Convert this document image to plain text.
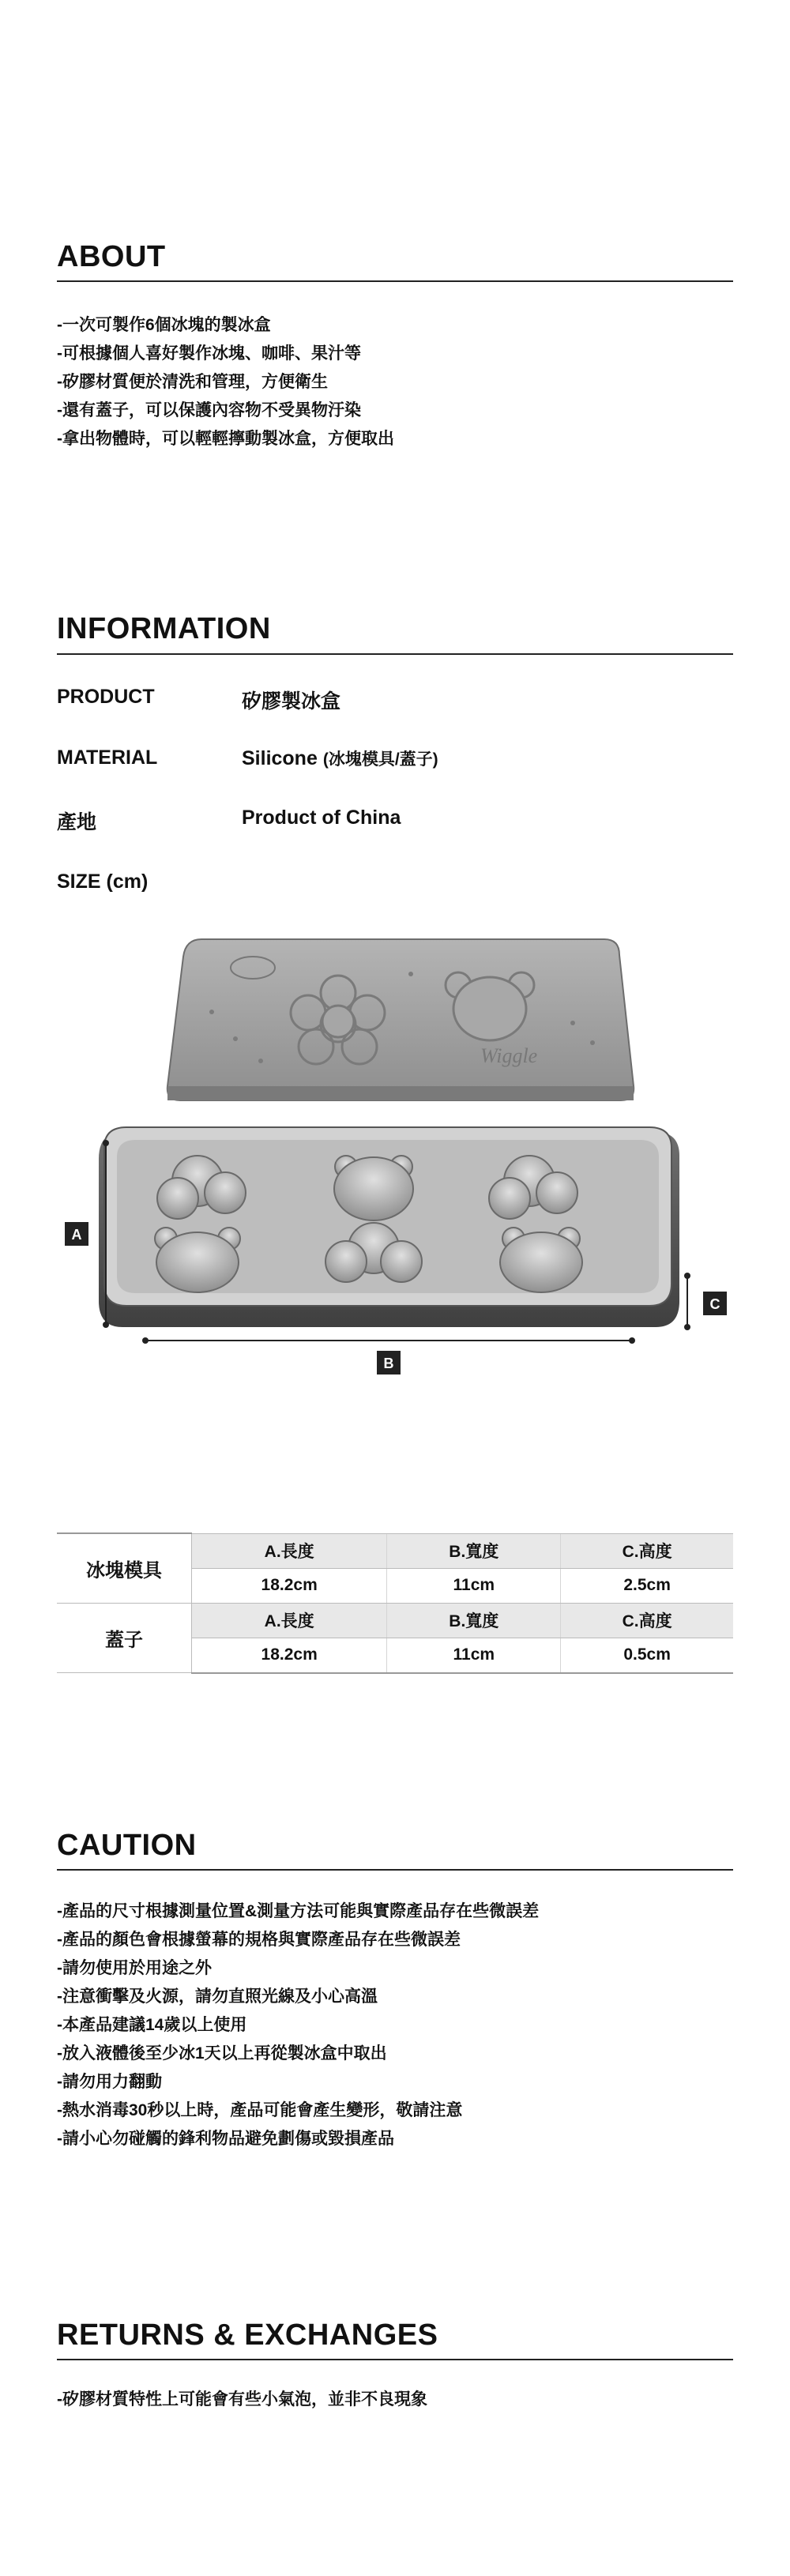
ABOUT
-一次可製作6個冰塊的製冰盒
-可根據個人喜好製作冰塊、咖啡、果汁等
-矽膠材質便於清洗和管理，方便衛生
-還有蓋子，可以保護內容物不受異物汙染
-拿出物體時，可以輕輕擰動製冰盒，方便取出
INFORMATION
PRODUCT	矽膠製冰盒
MATERIAL	Silicone (冰塊模具/蓋子)
產地	Product of China
SIZE (cm)
Wiggle
A
B
C
冰塊模具	A.長度	B.寬度	C.高度
	18.2cm	11cm	2.5cm
蓋子	A.長度	B.寬度	C.高度
	18.2cm	11cm	0.5cm
CAUTION
-產品的尺寸根據測量位置&測量方法可能與實際產品存在些微誤差
-產品的顏色會根據螢幕的規格與實際產品存在些微誤差
-請勿使用於用途之外
-注意衝擊及火源，請勿直照光線及小心高溫
-本產品建議14歲以上使用
-放入液體後至少冰1天以上再從製冰盒中取出
-請勿用力翻動
-熱水消毒30秒以上時，產品可能會產生變形，敬請注意
-請小心勿碰觸的鋒利物品避免劃傷或毀損產品
RETURNS & EXCHANGES
-矽膠材質特性上可能會有些小氣泡，並非不良現象
